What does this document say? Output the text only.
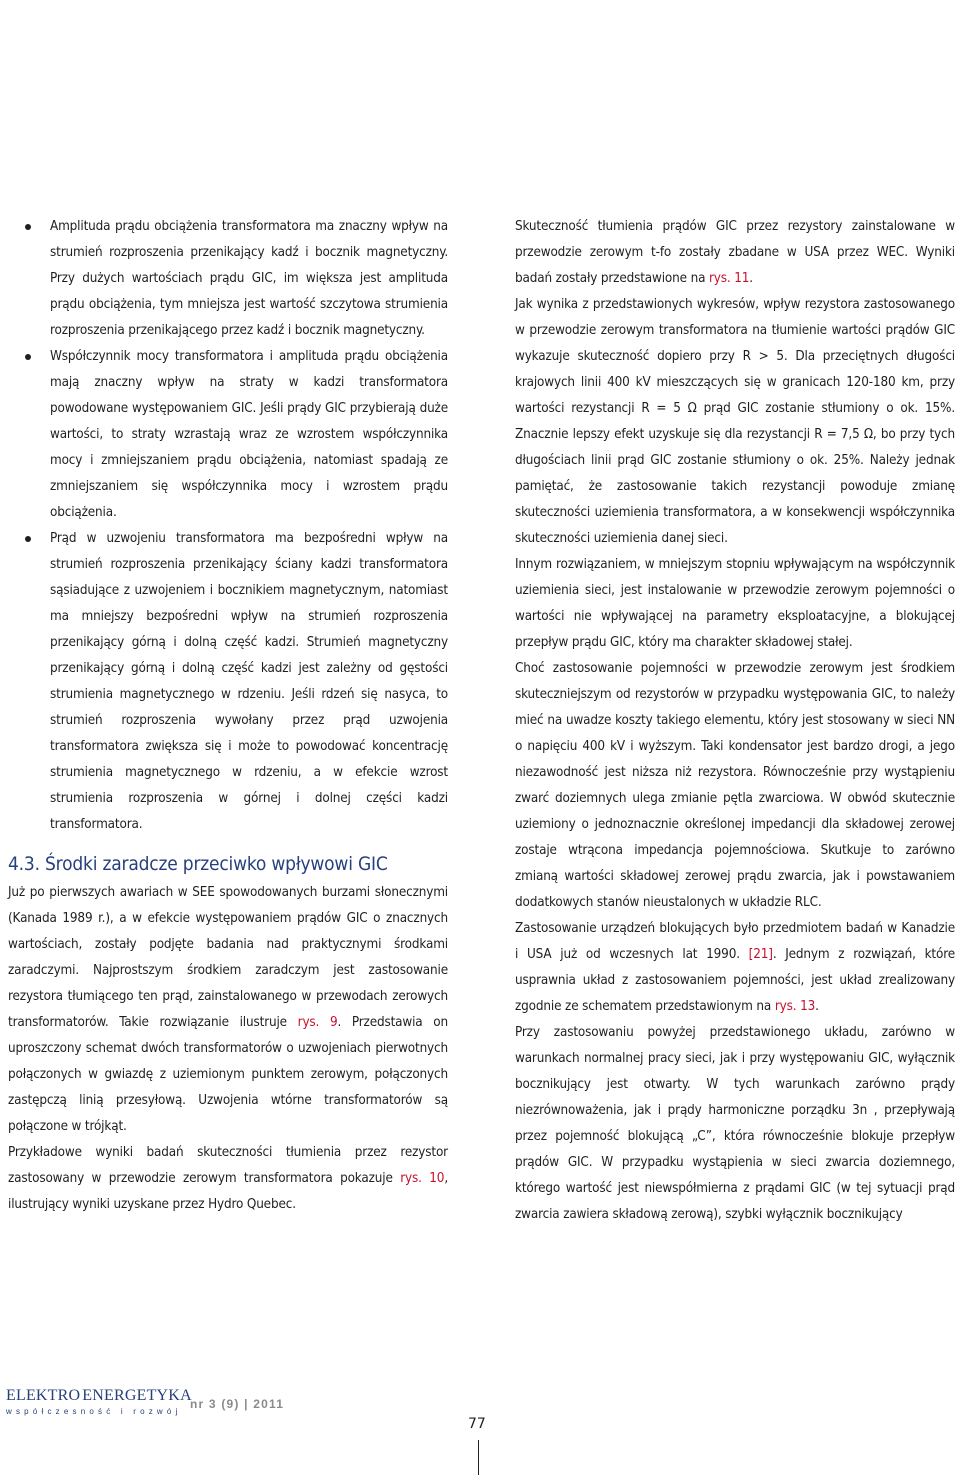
Amplituda prądu obciążenia transformatora ma znaczny wpływ na strumień rozproszenia przenikający kadź i bocznik magnetyczny. Przy dużych wartościach prądu GIC, im większa jest amplituda prądu obciążenia, tym mniejsza jest wartość szczytowa strumienia rozproszenia przenikającego przez kadź i bocznik magnetyczny.
Współczynnik mocy transformatora i amplituda prądu obciążenia mają znaczny wpływ na straty w kadzi transformatora powodowane występowaniem GIC. Jeśli prądy GIC przybierają duże wartości, to straty wzrastają wraz ze wzrostem współczynnika mocy i zmniejszaniem prądu obciążenia, natomiast spadają ze zmniejszaniem się współczynnika mocy i wzrostem prądu obciążenia.
Prąd w uzwojeniu transformatora ma bezpośredni wpływ na strumień rozproszenia przenikający ściany kadzi transformatora sąsiadujące z uzwojeniem i bocznikiem magnetycznym, natomiast ma mniejszy bezpośredni wpływ na strumień rozproszenia przenikający górną i dolną część kadzi. Strumień magnetyczny przenikający górną i dolną część kadzi jest zależny od gęstości strumienia magnetycznego w rdzeniu. Jeśli rdzeń się nasyca, to strumień rozproszenia wywołany przez prąd uzwojenia transformatora zwiększa się i może to powodować koncentrację strumienia magnetycznego w rdzeniu, a w efekcie wzrost strumienia rozproszenia w górnej i dolnej części kadzi transformatora.
4.3. Środki zaradcze przeciwko wpływowi GIC

Już po pierwszych awariach w SEE spowodowanych burzami słonecznymi (Kanada 1989 r.), a w efekcie występowaniem prądów GIC o znacznych wartościach, zostały podjęte badania nad praktycznymi środkami zaradczymi. Najprostszym środkiem zaradczym jest zastosowanie rezystora tłumiącego ten prąd, zainstalowanego w przewodach zerowych transformatorów. Takie rozwiązanie ilustruje rys. 9. Przedstawia on uproszczony schemat dwóch transformatorów o uzwojeniach pierwotnych połączonych w gwiazdę z uziemionym punktem zerowym, połączonych zastępczą linią przesyłową. Uzwojenia wtórne transformatorów są połączone w trójkąt.

Przykładowe wyniki badań skuteczności tłumienia przez rezystor zastosowany w przewodzie zerowym transformatora pokazuje rys. 10, ilustrujący wyniki uzyskane przez Hydro Quebec.

Skuteczność tłumienia prądów GIC przez rezystory zainstalowane w przewodzie zerowym t-fo zostały zbadane w USA przez WEC. Wyniki badań zostały przedstawione na rys. 11.

Jak wynika z przedstawionych wykresów, wpływ rezystora zastosowanego w przewodzie zerowym transformatora na tłumienie wartości prądów GIC wykazuje skuteczność dopiero przy R > 5. Dla przeciętnych długości krajowych linii 400 kV mieszczących się w granicach 120-180 km, przy wartości rezystancji R = 5 Ω prąd GIC zostanie stłumiony o ok. 15%. Znacznie lepszy efekt uzyskuje się dla rezystancji R = 7,5 Ω, bo przy tych długościach linii prąd GIC zostanie stłumiony o ok. 25%. Należy jednak pamiętać, że zastosowanie takich rezystancji powoduje zmianę skuteczności uziemienia transformatora, a w konsekwencji współczynnika skuteczności uziemienia danej sieci.

Innym rozwiązaniem, w mniejszym stopniu wpływającym na współczynnik uziemienia sieci, jest instalowanie w przewodzie zerowym pojemności o wartości nie wpływającej na parametry eksploatacyjne, a blokującej przepływ prądu GIC, który ma charakter składowej stałej.

Choć zastosowanie pojemności w przewodzie zerowym jest środkiem skuteczniejszym od rezystorów w przypadku występowania GIC, to należy mieć na uwadze koszty takiego elementu, który jest stosowany w sieci NN o napięciu 400 kV i wyższym. Taki kondensator jest bardzo drogi, a jego niezawodność jest niższa niż rezystora. Równocześnie przy wystąpieniu zwarć doziemnych ulega zmianie pętla zwarciowa. W obwód skutecznie uziemiony o jednoznacznie określonej impedancji dla składowej zerowej zostaje wtrącona impedancja pojemnościowa. Skutkuje to zarówno zmianą wartości składowej zerowej prądu zwarcia, jak i powstawaniem dodatkowych stanów nieustalonych w układzie RLC.

Zastosowanie urządzeń blokujących było przedmiotem badań w Kanadzie i USA już od wczesnych lat 1990. [21]. Jednym z rozwiązań, które usprawnia układ z zastosowaniem pojemności, jest układ zrealizowany zgodnie ze schematem przedstawionym na rys. 13.

Przy zastosowaniu powyżej przedstawionego układu, zarówno w warunkach normalnej pracy sieci, jak i przy występowaniu GIC, wyłącznik bocznikujący jest otwarty. W tych warunkach zarówno prądy niezrównoważenia, jak i prądy harmoniczne porządku 3n , przepływają przez pojemność blokującą „C”, która równocześnie blokuje przepływ prądów GIC. W przypadku wystąpienia w sieci zwarcia doziemnego, którego wartość jest niewspółmierna z prądami GIC (w tej sytuacji prąd zwarcia zawiera składową zerową), szybki wyłącznik bocznikujący

ELEKTRO ENERGETYKA
współczesność i rozwój
nr 3 (9) | 2011
77
